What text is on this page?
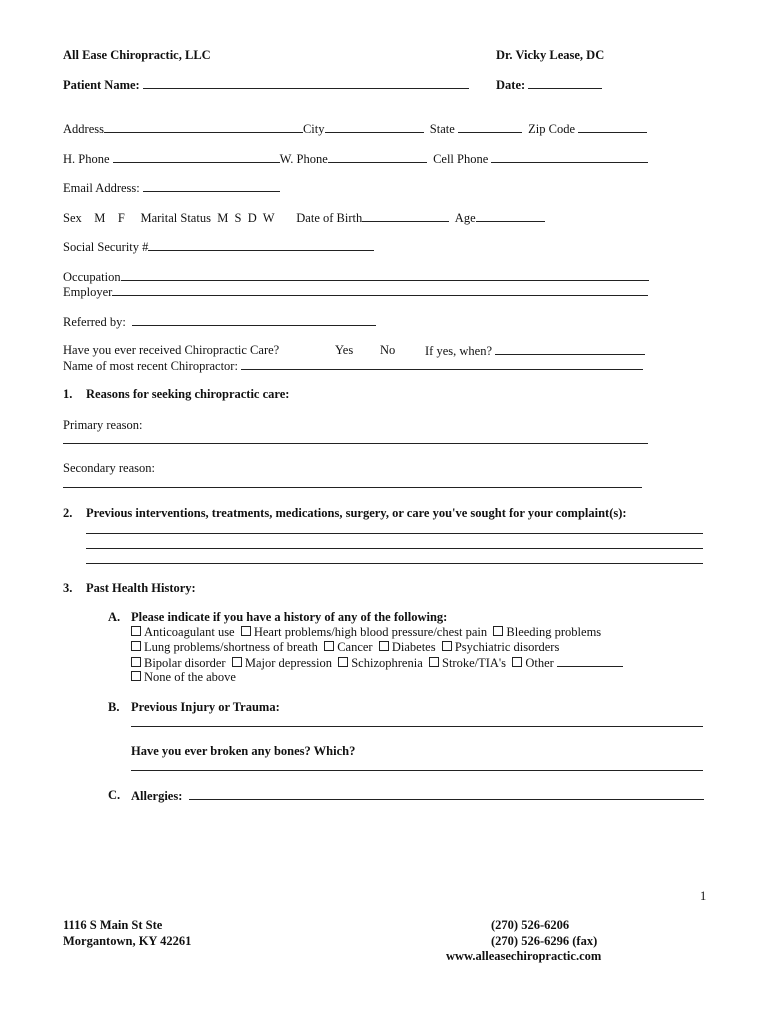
All Ease Chiropractic, LLC	Dr. Vicky Lease, DC
Patient Name:	Date:
Address	City	State	Zip Code
H. Phone	W. Phone	Cell Phone
Email Address:
Sex M F Marital Status M  S  D  W Date of Birth	Age
Social Security #
Occupation
Employer
Referred by:
Have you ever received Chiropractic Care?	Yes No If yes, when?
Name of most recent Chiropractor:
1. Reasons for seeking chiropractic care:
Primary reason:
Secondary reason:
2. Previous interventions, treatments, medications, surgery, or care you've sought for your complaint(s):
3. Past Health History:
A. Please indicate if you have a history of any of the following:
Anticoagulant use Heart problems/high blood pressure/chest pain Bleeding problems
Lung problems/shortness of breath Cancer Diabetes Psychiatric disorders
Bipolar disorder Major depression Schizophrenia Stroke/TIA's Other
None of the above
B. Previous Injury or Trauma:
Have you ever broken any bones? Which?
C. Allergies:
1
1116 S Main St Ste
Morgantown, KY 42261
(270) 526-6206
(270) 526-6296 (fax)
www.alleasechiropractic.com
